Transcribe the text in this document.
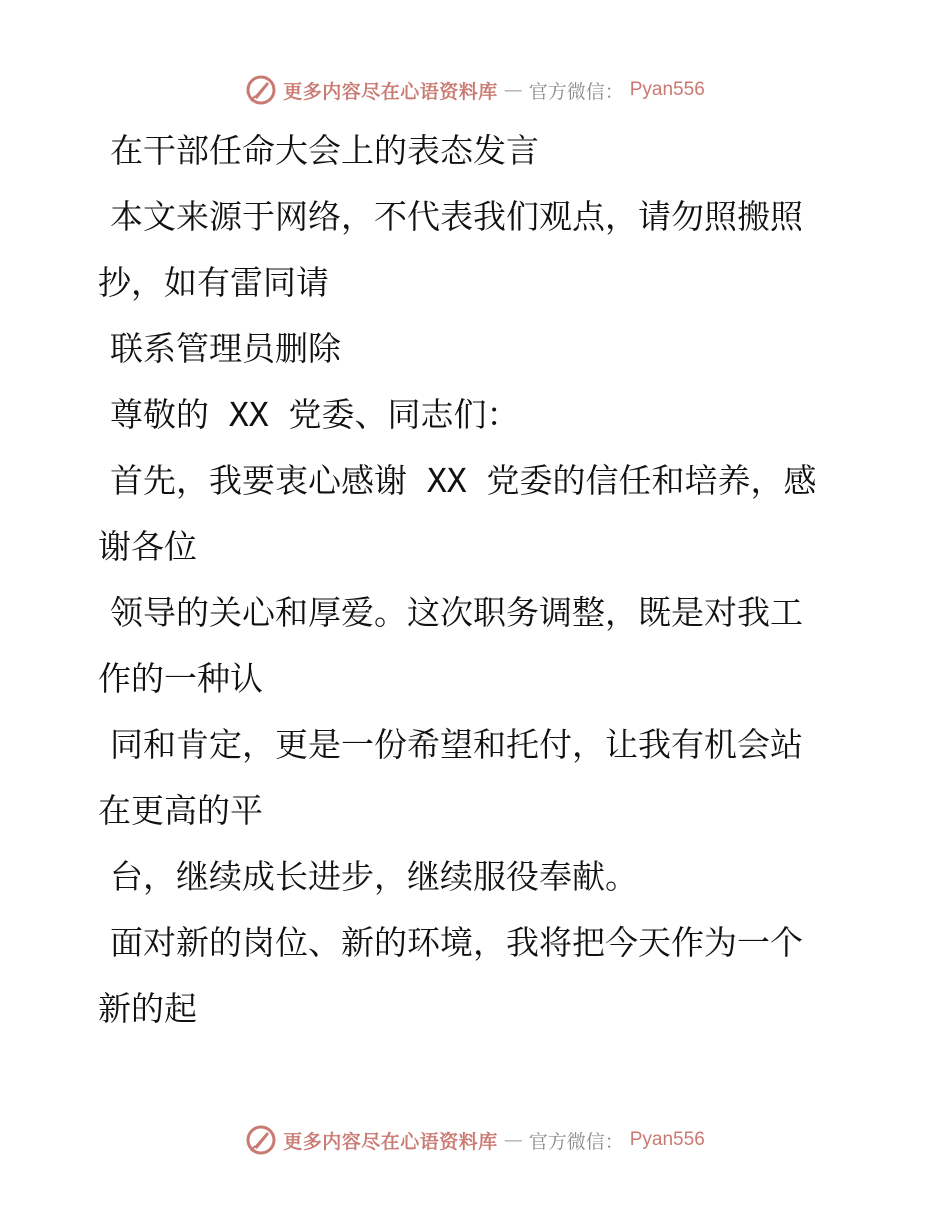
更多内容尽在心语资料库 — 官方微信： Pyan556

在干部任命大会上的表态发言

本文来源于网络，不代表我们观点，请勿照搬照
抄，如有雷同请

联系管理员删除

尊敬的 XX 党委、同志们：

首先，我要衷心感谢 XX 党委的信任和培养，感
谢各位

领导的关心和厚爱。这次职务调整，既是对我工
作的一种认

同和肯定，更是一份希望和托付，让我有机会站
在更高的平

台，继续成长进步，继续服役奉献。

面对新的岗位、新的环境，我将把今天作为一个
新的起

更多内容尽在心语资料库 — 官方微信： Pyan556
